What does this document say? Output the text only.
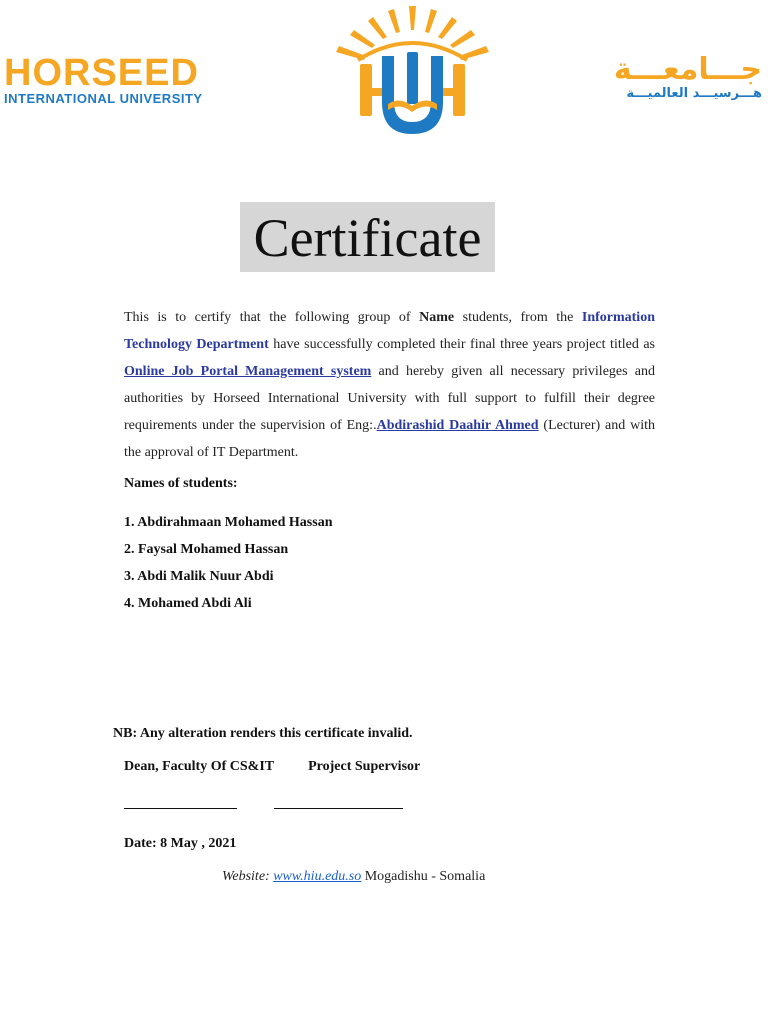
HORSEED
INTERNATIONAL UNIVERSITY
جـــامعـــة
هـــرسيـــد العالميـــة
Certificate
This is to certify that the following group of Name students, from the Information Technology Department have successfully completed their final three years project titled as Online Job Portal Management system and hereby given all necessary privileges and authorities by Horseed International University with full support to fulfill their degree requirements under the supervision of Eng:.Abdirashid Daahir Ahmed (Lecturer) and with the approval of IT Department.
Names of students:
1. Abdirahmaan Mohamed Hassan
2. Faysal Mohamed Hassan
3. Abdi Malik Nuur Abdi
4. Mohamed Abdi Ali
NB: Any alteration renders this certificate invalid.
Dean, Faculty Of CS&IT Project Supervisor
Date: 8 May , 2021
Website: www.hiu.edu.so Mogadishu - Somalia
